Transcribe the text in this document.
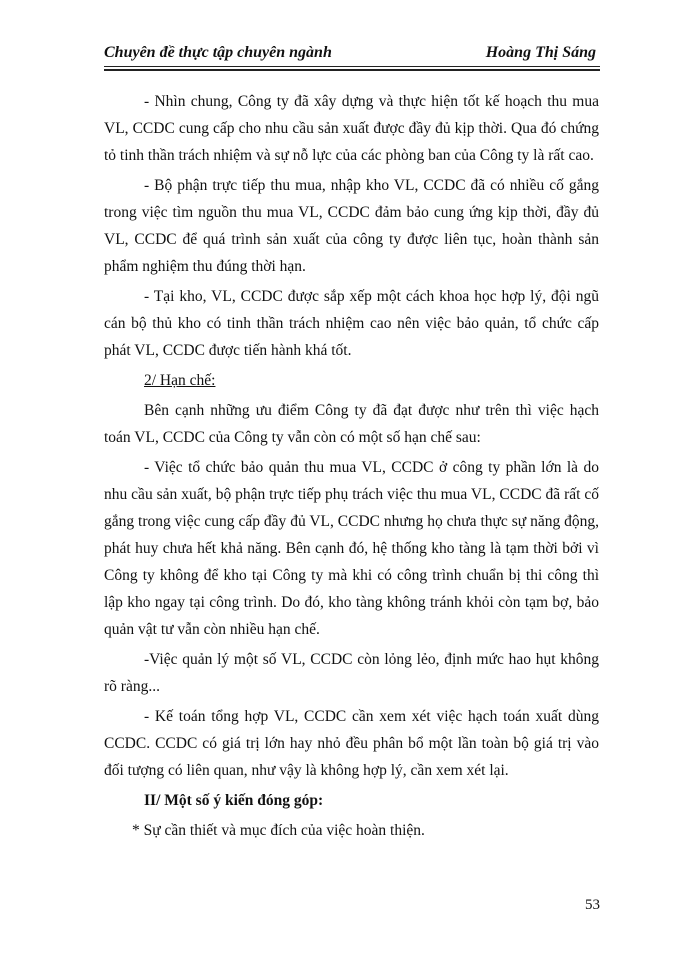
Chuyên đề thực tập chuyên ngành	Hoàng Thị Sáng

- Nhìn chung, Công ty đã xây dựng và thực hiện tốt kế hoạch thu mua VL, CCDC cung cấp cho nhu cầu sản xuất được đầy đủ kịp thời. Qua đó chứng tỏ tinh thần trách nhiệm và sự nỗ lực của các phòng ban của Công ty là rất cao.

- Bộ phận trực tiếp thu mua, nhập kho VL, CCDC đã có nhiều cố gắng trong việc tìm nguồn thu mua VL, CCDC đảm bảo cung ứng kịp thời, đầy đủ VL, CCDC để quá trình sản xuất của công ty được liên tục, hoàn thành sản phẩm nghiệm thu đúng thời hạn.

- Tại kho, VL, CCDC được sắp xếp một cách khoa học hợp lý, đội ngũ cán bộ thủ kho có tinh thần trách nhiệm cao nên việc bảo quản, tổ chức cấp phát VL, CCDC được tiến hành khá tốt.

2/ Hạn chế:

Bên cạnh những ưu điểm Công ty đã đạt được như trên thì việc hạch toán VL, CCDC của Công ty vẫn còn có một số hạn chế sau:

- Việc tổ chức bảo quản thu mua VL, CCDC ở công ty phần lớn là do nhu cầu sản xuất, bộ phận trực tiếp phụ trách việc thu mua VL, CCDC đã rất cố gắng trong việc cung cấp đầy đủ VL, CCDC nhưng họ chưa thực sự năng động, phát huy chưa hết khả năng. Bên cạnh đó, hệ thống kho tàng là tạm thời bởi vì Công ty không để kho tại Công ty mà khi có công trình chuẩn bị thi công thì lập kho ngay tại công trình. Do đó, kho tàng không tránh khỏi còn tạm bợ, bảo quản vật tư vẫn còn nhiều hạn chế.

-Việc quản lý một số VL, CCDC còn lỏng lẻo, định mức hao hụt không rõ ràng...

- Kế toán tổng hợp VL, CCDC cần xem xét việc hạch toán xuất dùng CCDC. CCDC có giá trị lớn hay nhỏ đều phân bổ một lần toàn bộ giá trị vào đối tượng có liên quan, như vậy là không hợp lý, cần xem xét lại.

II/ Một số ý kiến đóng góp:

* Sự cần thiết và mục đích của việc hoàn thiện.

53
